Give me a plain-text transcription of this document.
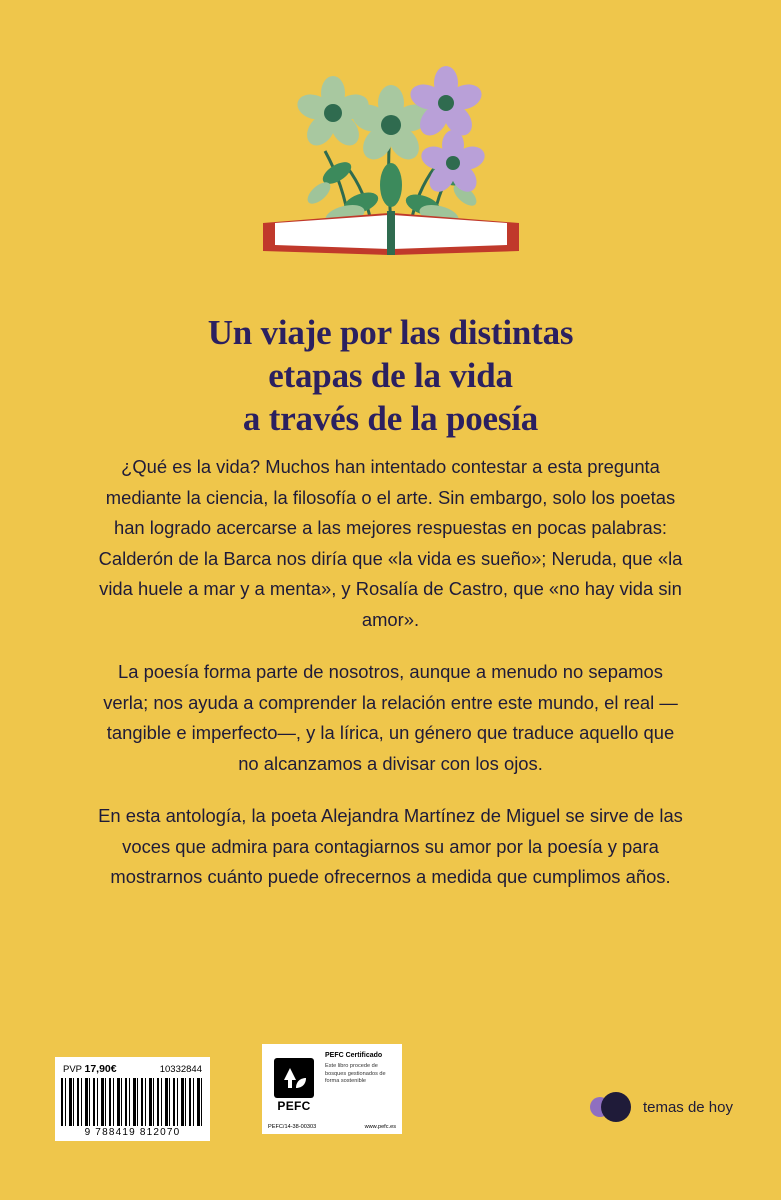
Un viaje por las distintas
etapas de la vida
a través de la poesía

¿Qué es la vida? Muchos han intentado contestar a esta pregunta mediante la ciencia, la filosofía o el arte. Sin embargo, solo los poetas han logrado acercarse a las mejores respuestas en pocas palabras: Calderón de la Barca nos diría que «la vida es sueño»; Neruda, que «la vida huele a mar y a menta», y Rosalía de Castro, que «no hay vida sin amor».

La poesía forma parte de nosotros, aunque a menudo no sepamos verla; nos ayuda a comprender la relación entre este mundo, el real —tangible e imperfecto—, y la lírica, un género que traduce aquello que no alcanzamos a divisar con los ojos.

En esta antología, la poeta Alejandra Martínez de Miguel se sirve de las voces que admira para contagiarnos su amor por la poesía y para mostrarnos cuánto puede ofrecernos a medida que cumplimos años.

PVP 17,90€	10332844
9 788419 812070
PEFC
PEFC Certificado
Este libro procede de bosques gestionados de forma sostenible
PEFC/14-38-00303	www.pefc.es
temas de hoy
